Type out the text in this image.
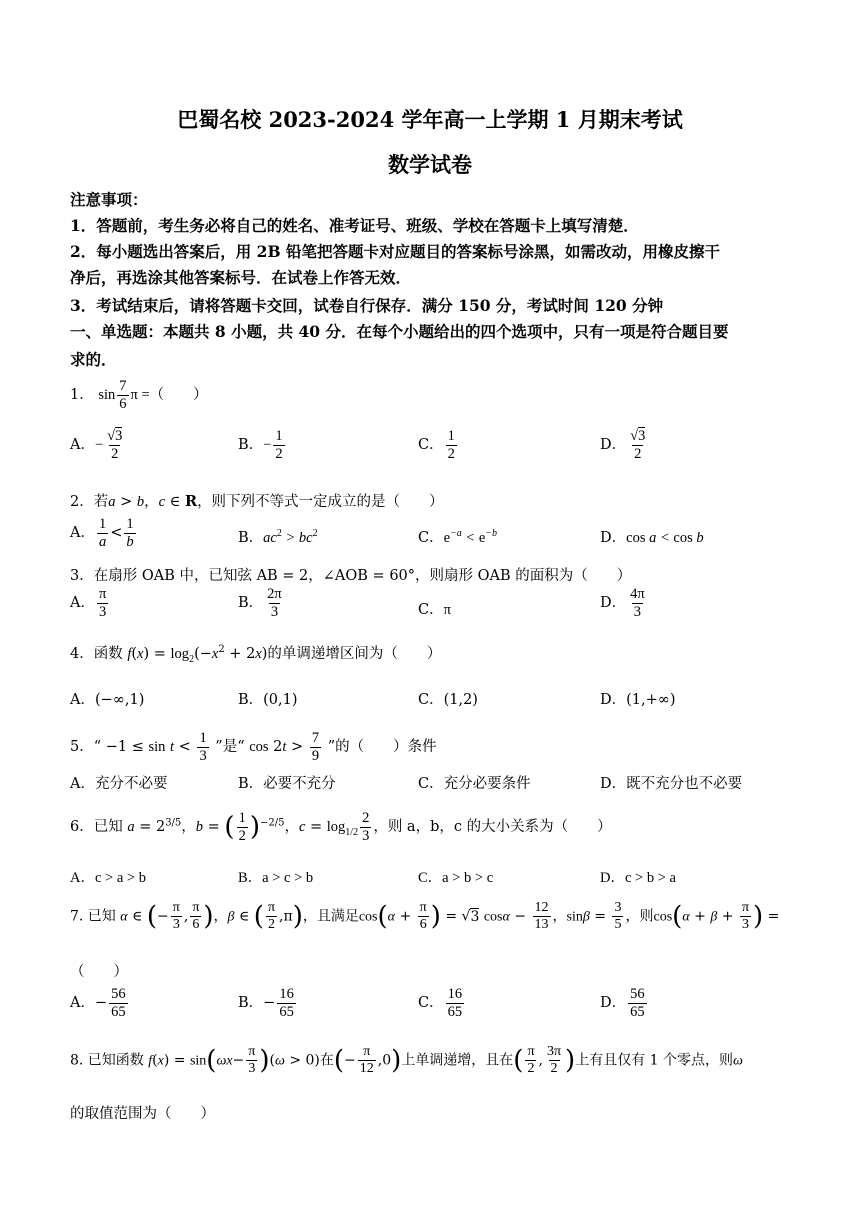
巴蜀名校 2023-2024 学年高一上学期 1 月期末考试
数学试卷
注意事项：
1．答题前，考生务必将自己的姓名、准考证号、班级、学校在答题卡上填写清楚．
2．每小题选出答案后，用 2B 铅笔把答题卡对应题目的答案标号涂黑，如需改动，用橡皮擦干
净后，再选涂其他答案标号．在试卷上作答无效．
3．考试结束后，请将答题卡交回，试卷自行保存．满分 150 分，考试时间 120 分钟
一、单选题：本题共 8 小题，共 40 分．在每个小题给出的四个选项中，只有一项是符合题目要
求的．
1． $\sin \frac{7}{6}$ π =（　　）
A．− $\frac{√3}{2}$	B．− $\frac{1}{2}$	C． $\frac{1}{2}$	D． $\frac{√3}{2}$
2．若a > b，c ∈ R，则下列不等式一定成立的是（　　）
A． $\frac{1}{a} < \frac{1}{b}$	B．$ac^2 > bc^2$	C．$e^{-a} < e^{-b}$	D．cos a < cos b
3．在扇形 OAB 中，已知弦 AB = 2，∠AOB = 60°，则扇形 OAB 的面积为（　　）
A． $\frac{\pi}{3}$	B． $\frac{2\pi}{3}$	C．π	D． $\frac{4\pi}{3}$
4．函数 $f(x) = \log_2(-x^2 + 2x)$的单调递增区间为（　　）
A．(−∞,1)	B．(0,1)	C．(1,2)	D．(1,+∞)
5．“ $-1 \le \sin t < \frac{1}{3}$ ”是“ $\cos 2t > \frac{7}{9}$ ”的（　　）条件
A．充分不必要	B．必要不充分	C．充分必要条件	D．既不充分也不必要
6．已知 $a = 2^{3/5}$，b = ( $\frac{1}{2} )^{-2/5}$，$c = \log_{1/2} \frac{2}{3}$ ，则 a，b，c 的大小关系为（　　）
A．c > a > b	B．a > c > b	C．a > b > c	D．c > b > a
7. 已知 α ∈ (− $\frac{\pi}{3}$ , $\frac{\pi}{6}$ )，β ∈ ( $\frac{\pi}{2} ,\pi$)，且满足$\cos(\alpha + \frac{\pi}{6}$ ) = √3 $\cos\alpha - \frac{12}{13}$ ，$\sin\beta = \frac{3}{5}$ ，则$\cos(\alpha + \beta + \frac{\pi}{3}$ ) =
（　　）
A．− $\frac{56}{65}$	B．− $\frac{16}{65}$	C． $\frac{16}{65}$	D． $\frac{56}{65}$
8. 已知函数 $f(x) = \sin(\omega x- \frac{\pi}{3} )(\omega > 0)$在(− $\frac{\pi}{12} ,0$)上单调递增，且在( $\frac{\pi}{2}$ , $\frac{3\pi}{2}$ )上有且仅有 1 个零点，则ω
的取值范围为（　　）
